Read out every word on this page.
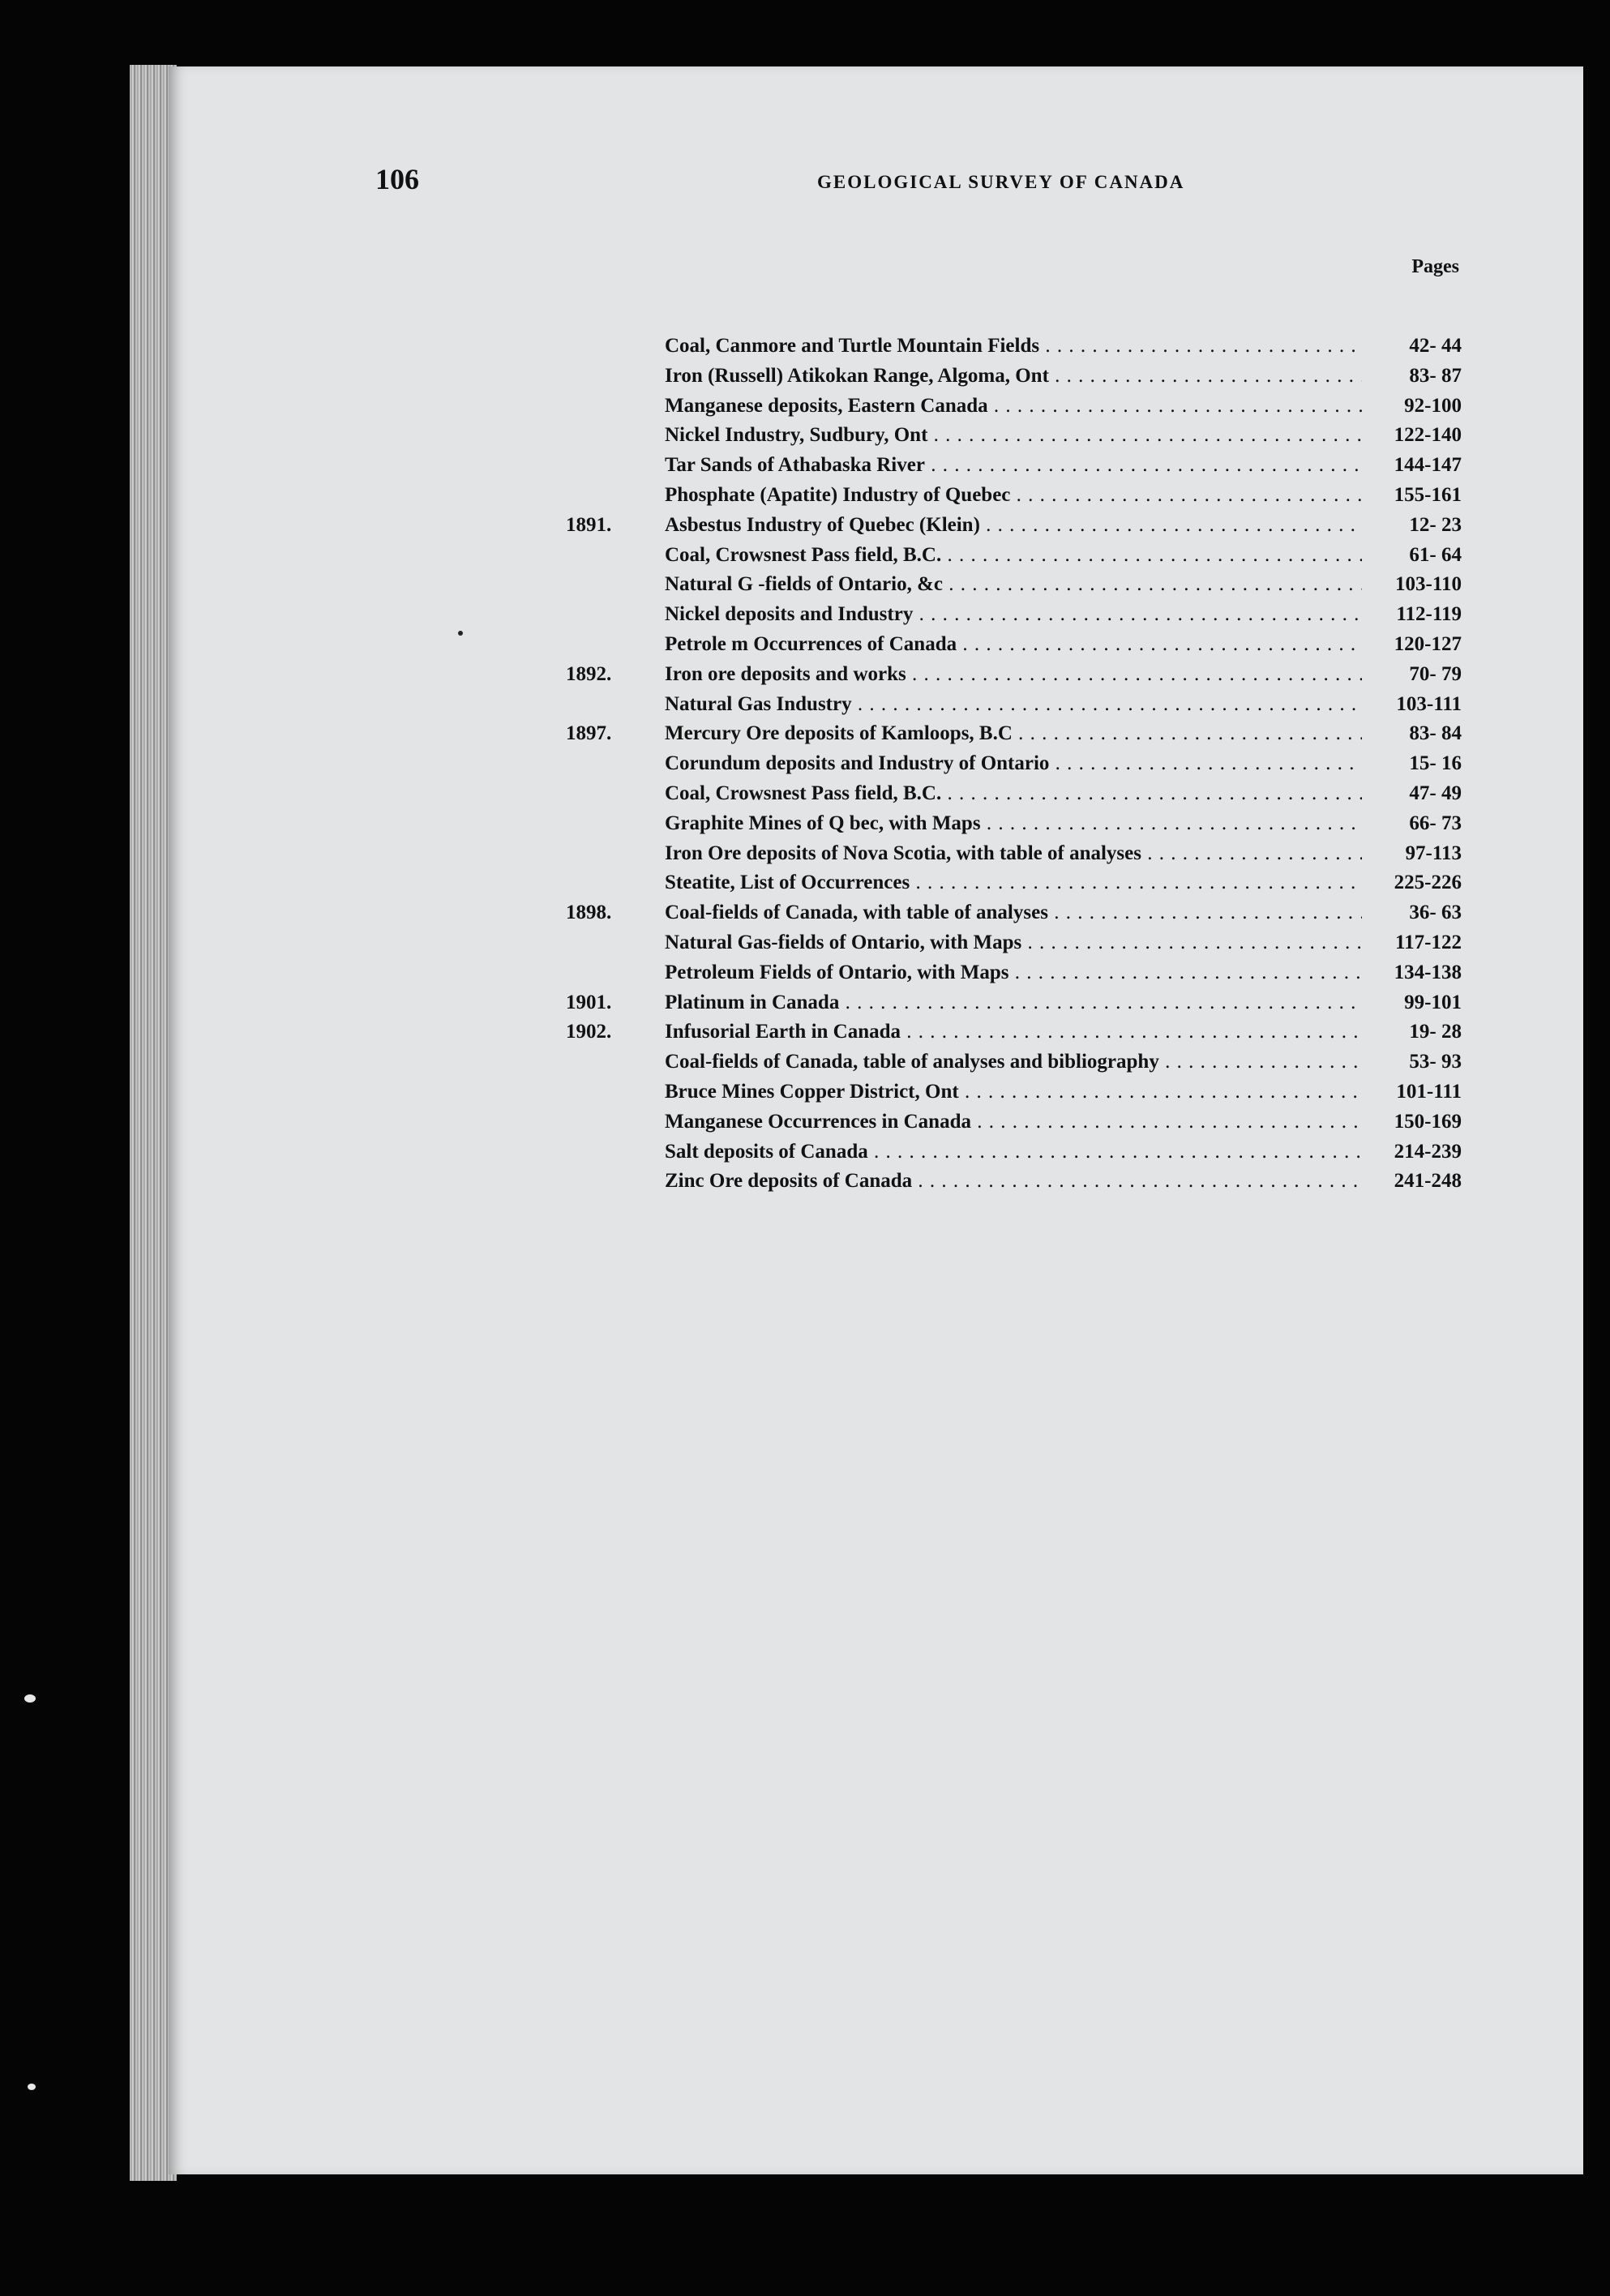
106	GEOLOGICAL SURVEY OF CANADA
Pages
Coal, Canmore and Turtle Mountain Fields . . .	42- 44
Iron (Russell) Atikokan Range, Algoma, Ont . . .	83- 87
Manganese deposits, Eastern Canada . . .	92-100
Nickel Industry, Sudbury, Ont . . .	122-140
Tar Sands of Athabaska River . . .	144-147
Phosphate (Apatite) Industry of Quebec . . .	155-161
1891.	Asbestus Industry of Quebec (Klein) . . .	12- 23
Coal, Crowsnest Pass field, B.C. . . .	61- 64
Natural G -fields of Ontario, &c . . .	103-110
Nickel deposits and Industry . . .	112-119
Petrole m Occurrences of Canada . . .	120-127
1892.	Iron ore deposits and works . . .	70- 79
Natural Gas Industry . . .	103-111
1897.	Mercury Ore deposits of Kamloops, B.C . . .	83- 84
Corundum deposits and Industry of Ontario . . .	15- 16
Coal, Crowsnest Pass field, B.C. . . .	47- 49
Graphite Mines of Q bec, with Maps . . .	66- 73
Iron Ore deposits of Nova Scotia, with table of analyses . . .	97-113
Steatite, List of Occurrences . . .	225-226
1898.	Coal-fields of Canada, with table of analyses . . .	36- 63
Natural Gas-fields of Ontario, with Maps . . .	117-122
Petroleum Fields of Ontario, with Maps . . .	134-138
1901.	Platinum in Canada . . .	99-101
1902.	Infusorial Earth in Canada . . .	19- 28
Coal-fields of Canada, table of analyses and bibliography . . .	53- 93
Bruce Mines Copper District, Ont . . .	101-111
Manganese Occurrences in Canada . . .	150-169
Salt deposits of Canada . . .	214-239
Zinc Ore deposits of Canada . . .	241-248
